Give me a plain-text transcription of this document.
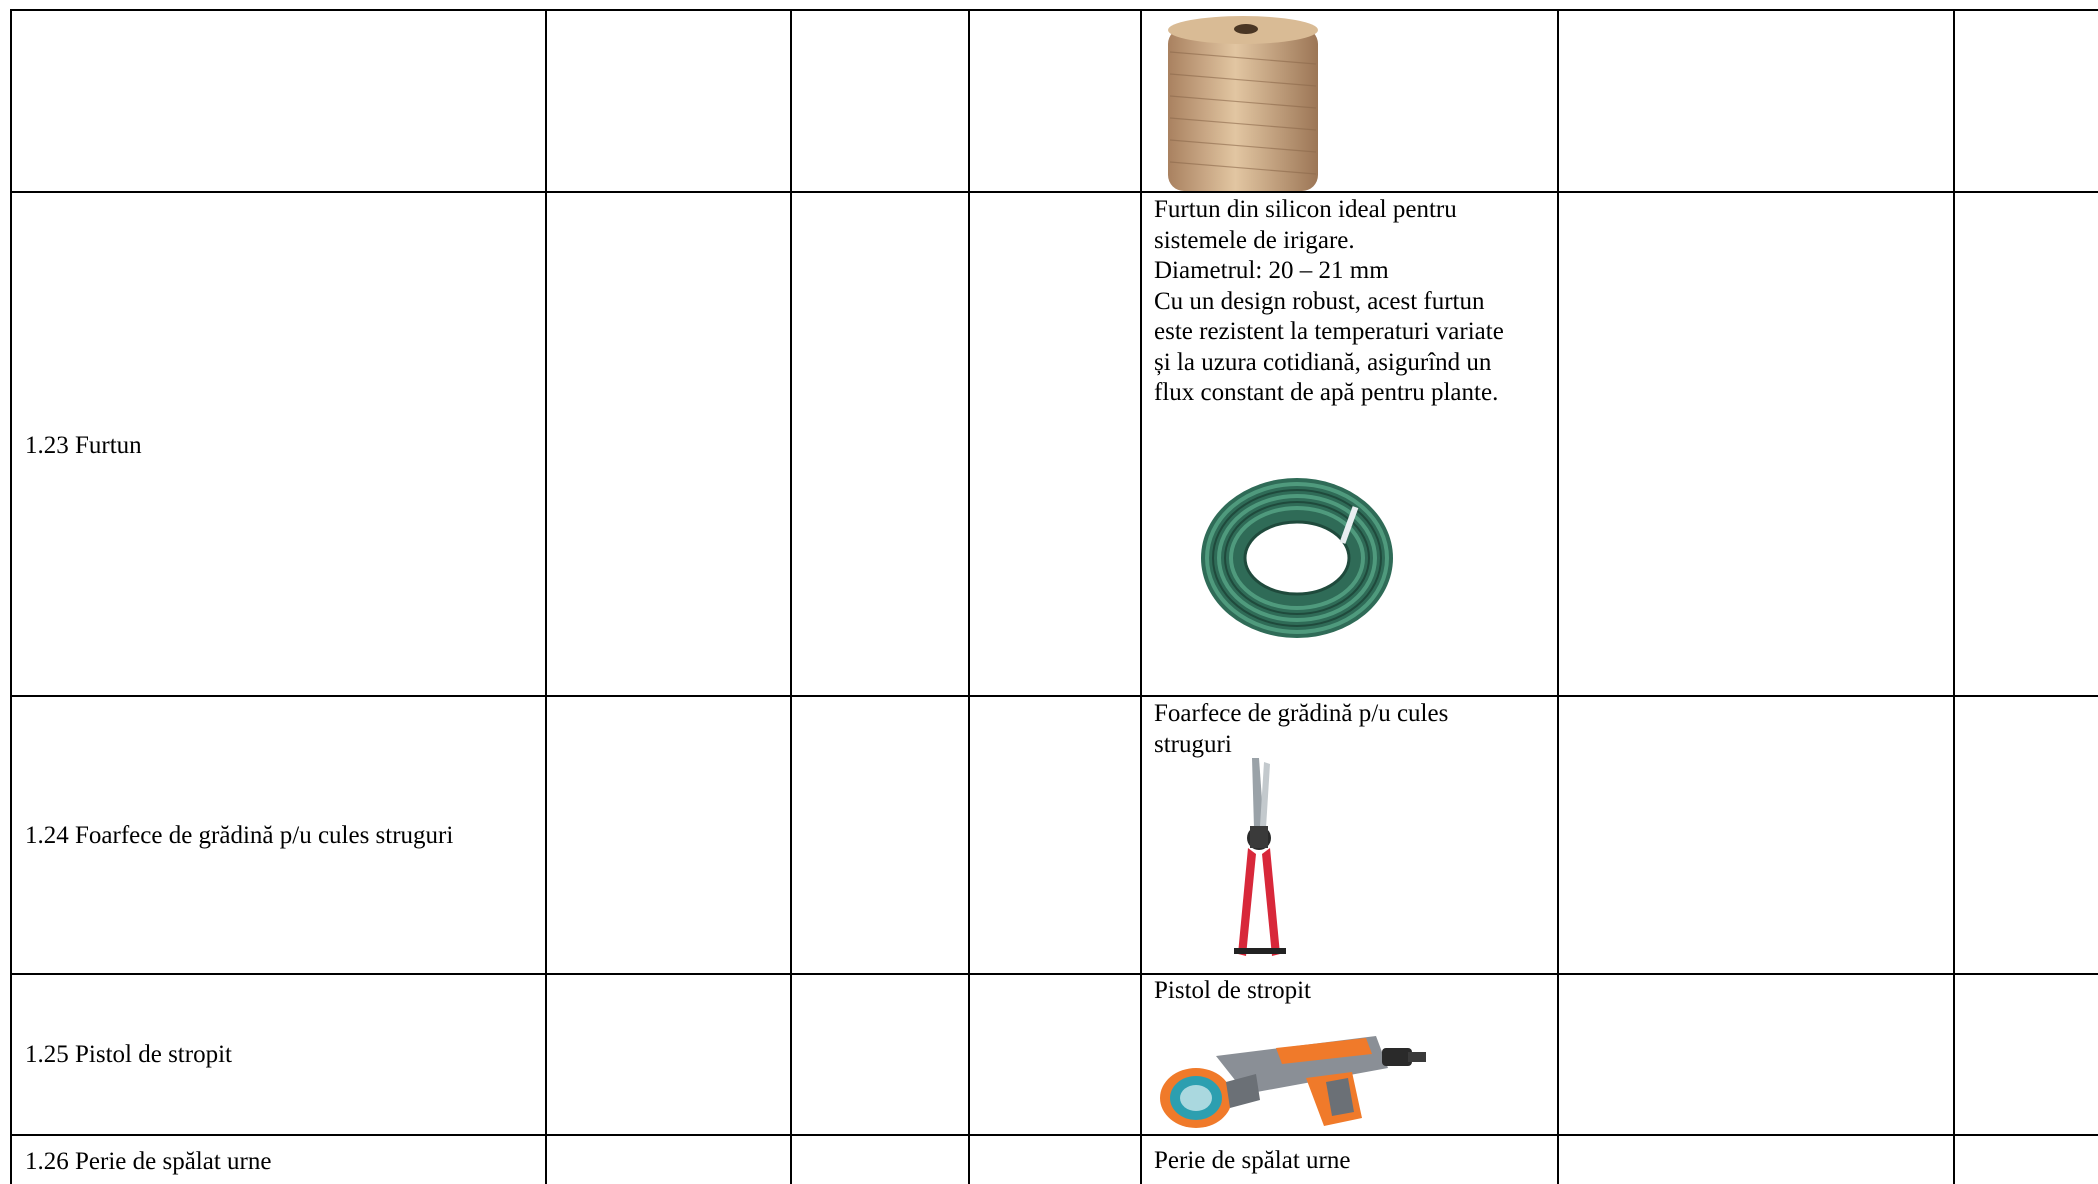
1.23 Furtun
Furtun din silicon ideal pentru
sistemele de irigare.
Diametrul: 20 – 21 mm
Cu un design robust, acest furtun
este rezistent la temperaturi variate
și la uzura cotidiană, asigurînd un
flux constant de apă pentru plante.
1.24 Foarfece de grădină p/u cules struguri
Foarfece de grădină p/u cules
struguri
1.25 Pistol de stropit
Pistol de stropit
1.26 Perie de spălat urne	Perie de spălat urne
